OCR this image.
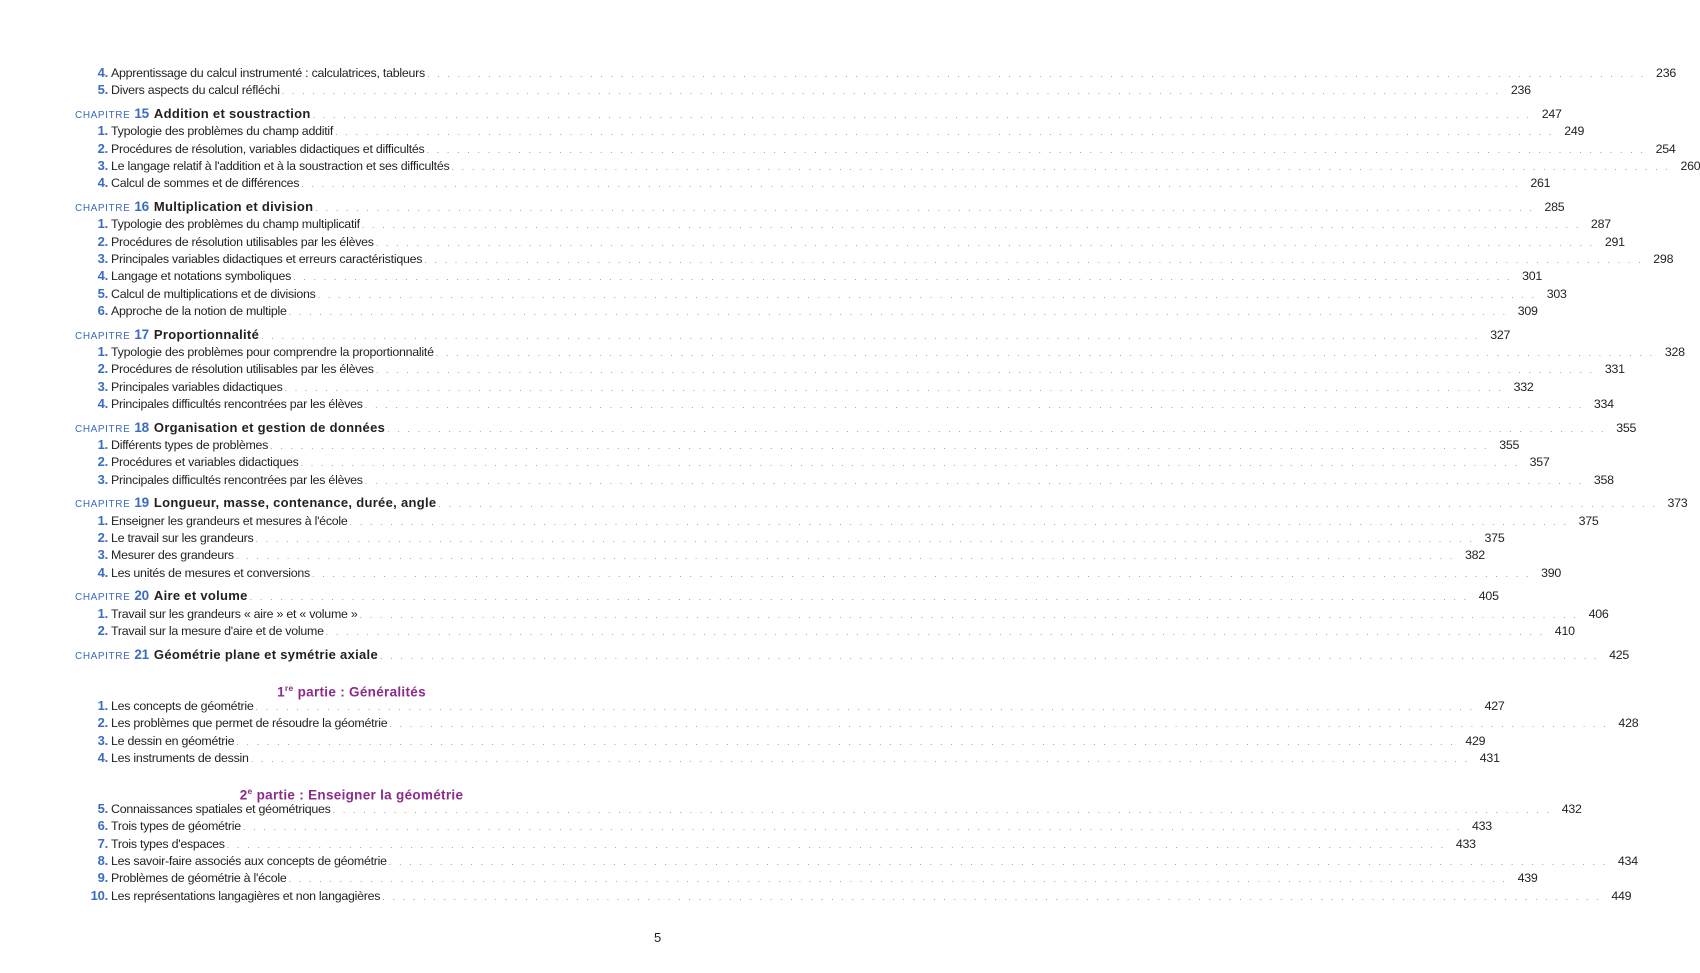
4. Apprentissage du calcul instrumenté : calculatrices, tableurs . . . . . . . . . . . . . . . . . . . . . . . . . . . . . . . . . . . . . . . . . . . . . . . . . . . . . . . . . . . . . . . . . . . . . . . . . . . . . . . . . . . . . . . . . . . . . . . . . . . . . . . . . . . . . . . . . . . . . . . . 236
5. Divers aspects du calcul réfléchi . . . . . . . . . . . . . . . . . . . . . . . . . . . . . . . . . . . . . . . . . . . . . . . . . . . . . . . . . . . . . . . . . . . . . . . . . . . . . . . . . . . . . . . . . . . . . . . . . . . . . . . . . . . . . . . . . . . . . . . . 236
CHAPITRE 15 Addition et soustraction . . . . . . . . . . . . . . . . . . . . . . . . . . . . . . . . . . . . . . . . . . . . . . . . . . . . . . . . . . . . . . . . . . . . . . . . . . . . . . . . . . . . . . . . . . . . . . . . . . . . . . . . . . . . . . . . . . . . . . . . 247
1. Typologie des problèmes du champ additif . . . . . . . . . . . . . . . . . . . . . . . . . . . . . . . . . . . . . . . . . . . . . . . . . . . . . . . . . . . . . . . . . . . . . . . . . . . . . . . . . . . . . . . . . . . . . . . . . . . . . . . . . . . . . . . . . . . . . . . . 249
2. Procédures de résolution, variables didactiques et difficultés . . . . . . . . . . . . . . . . . . . . . . . . . . . . . . . . . . . . . . . . . . . . . . . . . . . . . . . . . . . . . . . . . . . . . . . . . . . . . . . . . . . . . . . . . . . . . . . . . . . . . . . . . . . . . . . . . . . . . . . . 254
3. Le langage relatif à l'addition et à la soustraction et ses difficultés . . . . . . . . . . . . . . . . . . . . . . . . . . . . . . . . . . . . . . . . . . . . . . . . . . . . . . . . . . . . . . . . . . . . . . . . . . . . . . . . . . . . . . . . . . . . . . . . . . . . . . . . . . . . . . . . . . . . . . . . 260
4. Calcul de sommes et de différences . . . . . . . . . . . . . . . . . . . . . . . . . . . . . . . . . . . . . . . . . . . . . . . . . . . . . . . . . . . . . . . . . . . . . . . . . . . . . . . . . . . . . . . . . . . . . . . . . . . . . . . . . . . . . . . . . . . . . . . . 261
CHAPITRE 16 Multiplication et division . . . . . . . . . . . . . . . . . . . . . . . . . . . . . . . . . . . . . . . . . . . . . . . . . . . . . . . . . . . . . . . . . . . . . . . . . . . . . . . . . . . . . . . . . . . . . . . . . . . . . . . . . . . . . . . . . . . . . . . . 285
1. Typologie des problèmes du champ multiplicatif . . . . . . . . . . . . . . . . . . . . . . . . . . . . . . . . . . . . . . . . . . . . . . . . . . . . . . . . . . . . . . . . . . . . . . . . . . . . . . . . . . . . . . . . . . . . . . . . . . . . . . . . . . . . . . . . . . . . . . . . 287
2. Procédures de résolution utilisables par les élèves . . . . . . . . . . . . . . . . . . . . . . . . . . . . . . . . . . . . . . . . . . . . . . . . . . . . . . . . . . . . . . . . . . . . . . . . . . . . . . . . . . . . . . . . . . . . . . . . . . . . . . . . . . . . . . . . . . . . . . . . 291
3. Principales variables didactiques et erreurs caractéristiques . . . . . . . . . . . . . . . . . . . . . . . . . . . . . . . . . . . . . . . . . . . . . . . . . . . . . . . . . . . . . . . . . . . . . . . . . . . . . . . . . . . . . . . . . . . . . . . . . . . . . . . . . . . . . . . . . . . . . . . . 298
4. Langage et notations symboliques . . . . . . . . . . . . . . . . . . . . . . . . . . . . . . . . . . . . . . . . . . . . . . . . . . . . . . . . . . . . . . . . . . . . . . . . . . . . . . . . . . . . . . . . . . . . . . . . . . . . . . . . . . . . . . . . . . . . . . . . 301
5. Calcul de multiplications et de divisions . . . . . . . . . . . . . . . . . . . . . . . . . . . . . . . . . . . . . . . . . . . . . . . . . . . . . . . . . . . . . . . . . . . . . . . . . . . . . . . . . . . . . . . . . . . . . . . . . . . . . . . . . . . . . . . . . . . . . . . . 303
6. Approche de la notion de multiple . . . . . . . . . . . . . . . . . . . . . . . . . . . . . . . . . . . . . . . . . . . . . . . . . . . . . . . . . . . . . . . . . . . . . . . . . . . . . . . . . . . . . . . . . . . . . . . . . . . . . . . . . . . . . . . . . . . . . . . . 309
CHAPITRE 17 Proportionnalité . . . . . . . . . . . . . . . . . . . . . . . . . . . . . . . . . . . . . . . . . . . . . . . . . . . . . . . . . . . . . . . . . . . . . . . . . . . . . . . . . . . . . . . . . . . . . . . . . . . . . . . . . . . . . . . . . . . . . . . . 327
1. Typologie des problèmes pour comprendre la proportionnalité . . . . . . . . . . . . . . . . . . . . . . . . . . . . . . . . . . . . . . . . . . . . . . . . . . . . . . . . . . . . . . . . . . . . . . . . . . . . . . . . . . . . . . . . . . . . . . . . . . . . . . . . . . . . . . . . . . . . . . . . 328
2. Procédures de résolution utilisables par les élèves . . . . . . . . . . . . . . . . . . . . . . . . . . . . . . . . . . . . . . . . . . . . . . . . . . . . . . . . . . . . . . . . . . . . . . . . . . . . . . . . . . . . . . . . . . . . . . . . . . . . . . . . . . . . . . . . . . . . . . . . 331
3. Principales variables didactiques . . . . . . . . . . . . . . . . . . . . . . . . . . . . . . . . . . . . . . . . . . . . . . . . . . . . . . . . . . . . . . . . . . . . . . . . . . . . . . . . . . . . . . . . . . . . . . . . . . . . . . . . . . . . . . . . . . . . . . . . 332
4. Principales difficultés rencontrées par les élèves . . . . . . . . . . . . . . . . . . . . . . . . . . . . . . . . . . . . . . . . . . . . . . . . . . . . . . . . . . . . . . . . . . . . . . . . . . . . . . . . . . . . . . . . . . . . . . . . . . . . . . . . . . . . . . . . . . . . . . . . 334
CHAPITRE 18 Organisation et gestion de données . . . . . . . . . . . . . . . . . . . . . . . . . . . . . . . . . . . . . . . . . . . . . . . . . . . . . . . . . . . . . . . . . . . . . . . . . . . . . . . . . . . . . . . . . . . . . . . . . . . . . . . . . . . . . . . . . . . . . . . . 355
1. Différents types de problèmes . . . . . . . . . . . . . . . . . . . . . . . . . . . . . . . . . . . . . . . . . . . . . . . . . . . . . . . . . . . . . . . . . . . . . . . . . . . . . . . . . . . . . . . . . . . . . . . . . . . . . . . . . . . . . . . . . . . . . . . . 355
2. Procédures et variables didactiques . . . . . . . . . . . . . . . . . . . . . . . . . . . . . . . . . . . . . . . . . . . . . . . . . . . . . . . . . . . . . . . . . . . . . . . . . . . . . . . . . . . . . . . . . . . . . . . . . . . . . . . . . . . . . . . . . . . . . . . . 357
3. Principales difficultés rencontrées par les élèves . . . . . . . . . . . . . . . . . . . . . . . . . . . . . . . . . . . . . . . . . . . . . . . . . . . . . . . . . . . . . . . . . . . . . . . . . . . . . . . . . . . . . . . . . . . . . . . . . . . . . . . . . . . . . . . . . . . . . . . . 358
CHAPITRE 19 Longueur, masse, contenance, durée, angle . . . . . . . . . . . . . . . . . . . . . . . . . . . . . . . . . . . . . . . . . . . . . . . . . . . . . . . . . . . . . . . . . . . . . . . . . . . . . . . . . . . . . . . . . . . . . . . . . . . . . . . . . . . . . . . . . . . . . . . . 373
1. Enseigner les grandeurs et mesures à l'école . . . . . . . . . . . . . . . . . . . . . . . . . . . . . . . . . . . . . . . . . . . . . . . . . . . . . . . . . . . . . . . . . . . . . . . . . . . . . . . . . . . . . . . . . . . . . . . . . . . . . . . . . . . . . . . . . . . . . . . . 375
2. Le travail sur les grandeurs . . . . . . . . . . . . . . . . . . . . . . . . . . . . . . . . . . . . . . . . . . . . . . . . . . . . . . . . . . . . . . . . . . . . . . . . . . . . . . . . . . . . . . . . . . . . . . . . . . . . . . . . . . . . . . . . . . . . . . . . 375
3. Mesurer des grandeurs . . . . . . . . . . . . . . . . . . . . . . . . . . . . . . . . . . . . . . . . . . . . . . . . . . . . . . . . . . . . . . . . . . . . . . . . . . . . . . . . . . . . . . . . . . . . . . . . . . . . . . . . . . . . . . . . . . . . . . . . 382
4. Les unités de mesures et conversions . . . . . . . . . . . . . . . . . . . . . . . . . . . . . . . . . . . . . . . . . . . . . . . . . . . . . . . . . . . . . . . . . . . . . . . . . . . . . . . . . . . . . . . . . . . . . . . . . . . . . . . . . . . . . . . . . . . . . . . . 390
CHAPITRE 20 Aire et volume . . . . . . . . . . . . . . . . . . . . . . . . . . . . . . . . . . . . . . . . . . . . . . . . . . . . . . . . . . . . . . . . . . . . . . . . . . . . . . . . . . . . . . . . . . . . . . . . . . . . . . . . . . . . . . . . . . . . . . . . 405
1. Travail sur les grandeurs « aire » et « volume » . . . . . . . . . . . . . . . . . . . . . . . . . . . . . . . . . . . . . . . . . . . . . . . . . . . . . . . . . . . . . . . . . . . . . . . . . . . . . . . . . . . . . . . . . . . . . . . . . . . . . . . . . . . . . . . . . . . . . . . . 406
2. Travail sur la mesure d'aire et de volume . . . . . . . . . . . . . . . . . . . . . . . . . . . . . . . . . . . . . . . . . . . . . . . . . . . . . . . . . . . . . . . . . . . . . . . . . . . . . . . . . . . . . . . . . . . . . . . . . . . . . . . . . . . . . . . . . . . . . . . . 410
CHAPITRE 21 Géométrie plane et symétrie axiale . . . . . . . . . . . . . . . . . . . . . . . . . . . . . . . . . . . . . . . . . . . . . . . . . . . . . . . . . . . . . . . . . . . . . . . . . . . . . . . . . . . . . . . . . . . . . . . . . . . . . . . . . . . . . . . . . . . . . . . . 425
1re partie : Généralités
1. Les concepts de géométrie . . . . . . . . . . . . . . . . . . . . . . . . . . . . . . . . . . . . . . . . . . . . . . . . . . . . . . . . . . . . . . . . . . . . . . . . . . . . . . . . . . . . . . . . . . . . . . . . . . . . . . . . . . . . . . . . . . . . . . . . 427
2. Les problèmes que permet de résoudre la géométrie . . . . . . . . . . . . . . . . . . . . . . . . . . . . . . . . . . . . . . . . . . . . . . . . . . . . . . . . . . . . . . . . . . . . . . . . . . . . . . . . . . . . . . . . . . . . . . . . . . . . . . . . . . . . . . . . . . . . . . . . 428
3. Le dessin en géométrie . . . . . . . . . . . . . . . . . . . . . . . . . . . . . . . . . . . . . . . . . . . . . . . . . . . . . . . . . . . . . . . . . . . . . . . . . . . . . . . . . . . . . . . . . . . . . . . . . . . . . . . . . . . . . . . . . . . . . . . . 429
4. Les instruments de dessin . . . . . . . . . . . . . . . . . . . . . . . . . . . . . . . . . . . . . . . . . . . . . . . . . . . . . . . . . . . . . . . . . . . . . . . . . . . . . . . . . . . . . . . . . . . . . . . . . . . . . . . . . . . . . . . . . . . . . . . . 431
2e partie : Enseigner la géométrie
5. Connaissances spatiales et géométriques . . . . . . . . . . . . . . . . . . . . . . . . . . . . . . . . . . . . . . . . . . . . . . . . . . . . . . . . . . . . . . . . . . . . . . . . . . . . . . . . . . . . . . . . . . . . . . . . . . . . . . . . . . . . . . . . . . . . . . . . 432
6. Trois types de géométrie . . . . . . . . . . . . . . . . . . . . . . . . . . . . . . . . . . . . . . . . . . . . . . . . . . . . . . . . . . . . . . . . . . . . . . . . . . . . . . . . . . . . . . . . . . . . . . . . . . . . . . . . . . . . . . . . . . . . . . . . 433
7. Trois types d'espaces . . . . . . . . . . . . . . . . . . . . . . . . . . . . . . . . . . . . . . . . . . . . . . . . . . . . . . . . . . . . . . . . . . . . . . . . . . . . . . . . . . . . . . . . . . . . . . . . . . . . . . . . . . . . . . . . . . . . . . . . 433
8. Les savoir-faire associés aux concepts de géométrie . . . . . . . . . . . . . . . . . . . . . . . . . . . . . . . . . . . . . . . . . . . . . . . . . . . . . . . . . . . . . . . . . . . . . . . . . . . . . . . . . . . . . . . . . . . . . . . . . . . . . . . . . . . . . . . . . . . . . . . . 434
9. Problèmes de géométrie à l'école . . . . . . . . . . . . . . . . . . . . . . . . . . . . . . . . . . . . . . . . . . . . . . . . . . . . . . . . . . . . . . . . . . . . . . . . . . . . . . . . . . . . . . . . . . . . . . . . . . . . . . . . . . . . . . . . . . . . . . . . 439
10. Les représentations langagières et non langagières . . . . . . . . . . . . . . . . . . . . . . . . . . . . . . . . . . . . . . . . . . . . . . . . . . . . . . . . . . . . . . . . . . . . . . . . . . . . . . . . . . . . . . . . . . . . . . . . . . . . . . . . . . . . . . . . . . . . . . . . 449
5
